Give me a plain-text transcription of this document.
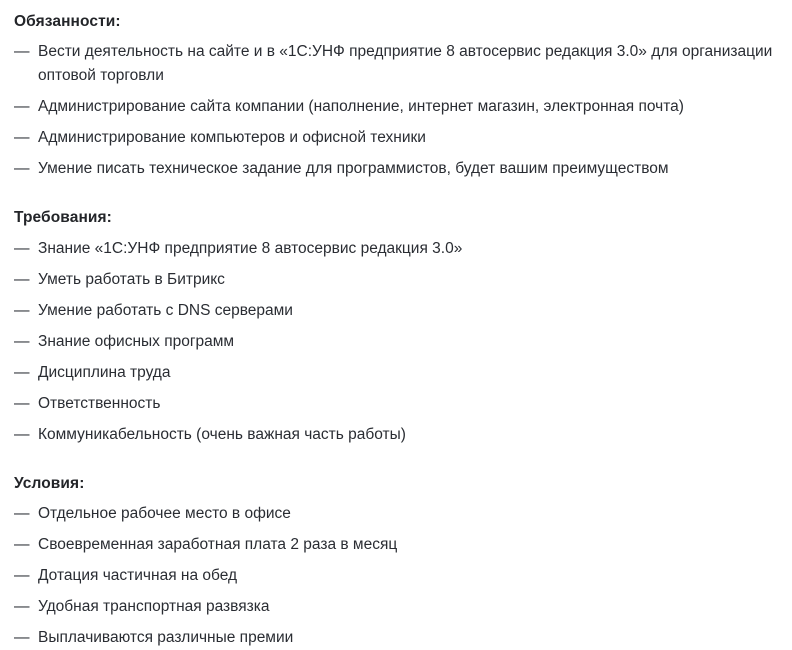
Обязанности:
— Вести деятельность на сайте и в «1С:УНФ предприятие 8 автосервис редакция 3.0» для организации оптовой торговли
— Администрирование сайта компании (наполнение, интернет магазин, электронная почта)
— Администрирование компьютеров и офисной техники
— Умение писать техническое задание для программистов, будет вашим преимуществом
Требования:
— Знание «1С:УНФ предприятие 8 автосервис редакция 3.0»
— Уметь работать в Битрикс
— Умение работать с DNS серверами
— Знание офисных программ
— Дисциплина труда
— Ответственность
— Коммуникабельность (очень важная часть работы)
Условия:
— Отдельное рабочее место в офисе
— Своевременная заработная плата 2 раза в месяц
— Дотация частичная на обед
— Удобная транспортная развязка
— Выплачиваются различные премии
